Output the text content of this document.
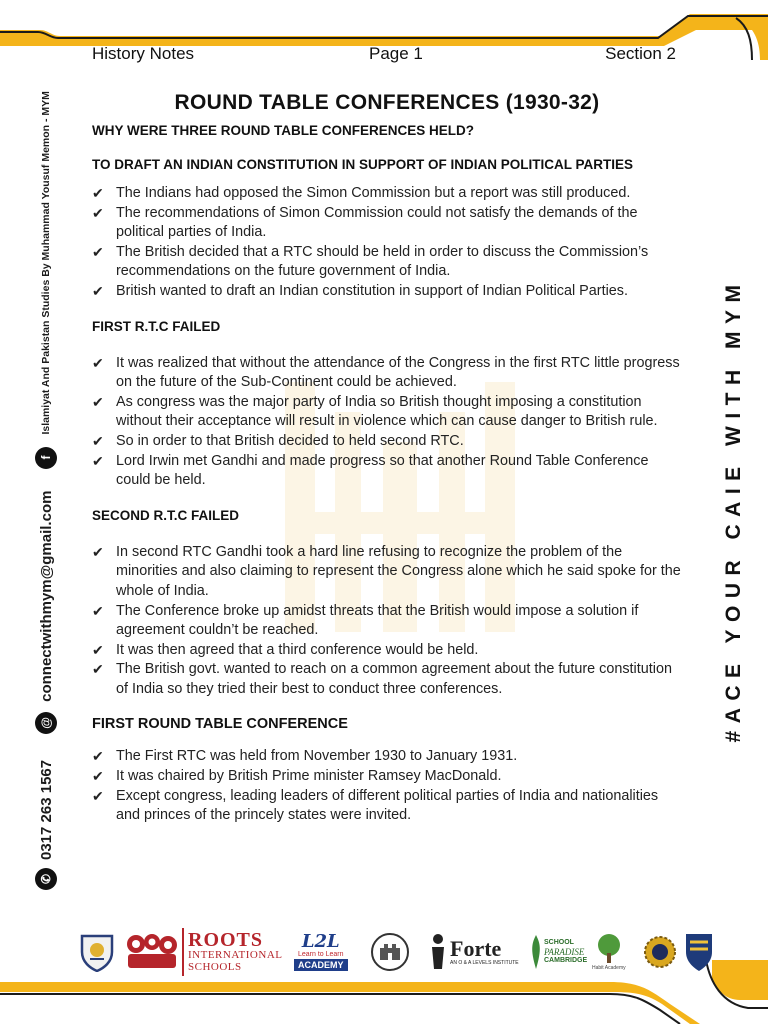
✆
0317 263 1567
@
connectwithmym@gmail.com
f
Islamiyat And Pakistan Studies By Muhammad Yousuf Memon - MYM
#ACE YOUR CAIE WITH MYM
History Notes	Page 1	Section 2
ROUND TABLE CONFERENCES (1930-32)
WHY WERE THREE ROUND TABLE CONFERENCES HELD?
TO DRAFT AN INDIAN CONSTITUTION IN SUPPORT OF INDIAN POLITICAL PARTIES
✔ The Indians had opposed the Simon Commission but a report was still produced.
✔ The recommendations of Simon Commission could not satisfy the demands of the political parties of India.
✔ The British decided that a RTC should be held in order to discuss the Commission’s recommendations on the future government of India.
✔ British wanted to draft an Indian constitution in support of Indian Political Parties.
FIRST R.T.C FAILED
✔ It was realized that without the attendance of the Congress in the first RTC little progress on the future of the Sub-Continent could be achieved.
✔ As congress was the major party of India so British thought imposing a constitution without their acceptance will result in violence which can cause danger to British rule.
✔ So in order to that British decided to held second RTC.
✔ Lord Irwin met Gandhi and made progress so that another Round Table Conference could be held.
SECOND R.T.C FAILED
✔ In second RTC Gandhi took a hard line refusing to recognize the problem of the minorities and also claiming to represent the Congress alone which he said spoke for the whole of India.
✔ The Conference broke up amidst threats that the British would impose a solution if agreement couldn’t be reached.
✔ It was then agreed that a third conference would be held.
✔ The British govt. wanted to reach on a common agreement about the future constitution of India so they tried their best to conduct three conferences.
FIRST ROUND TABLE CONFERENCE
✔ The First RTC was held from November 1930 to January 1931.
✔ It was chaired by British Prime minister Ramsey MacDonald.
✔ Except congress, leading leaders of different political parties of India and nationalities and princes of the princely states were invited.
ROOTS
INTERNATIONAL
SCHOOLS
L2L
Learn to Learn
ACADEMY
Forte
AN O & A LEVELS INSTITUTE
SCHOOL
PARADISE
CAMBRIDGE
Habit Academy
